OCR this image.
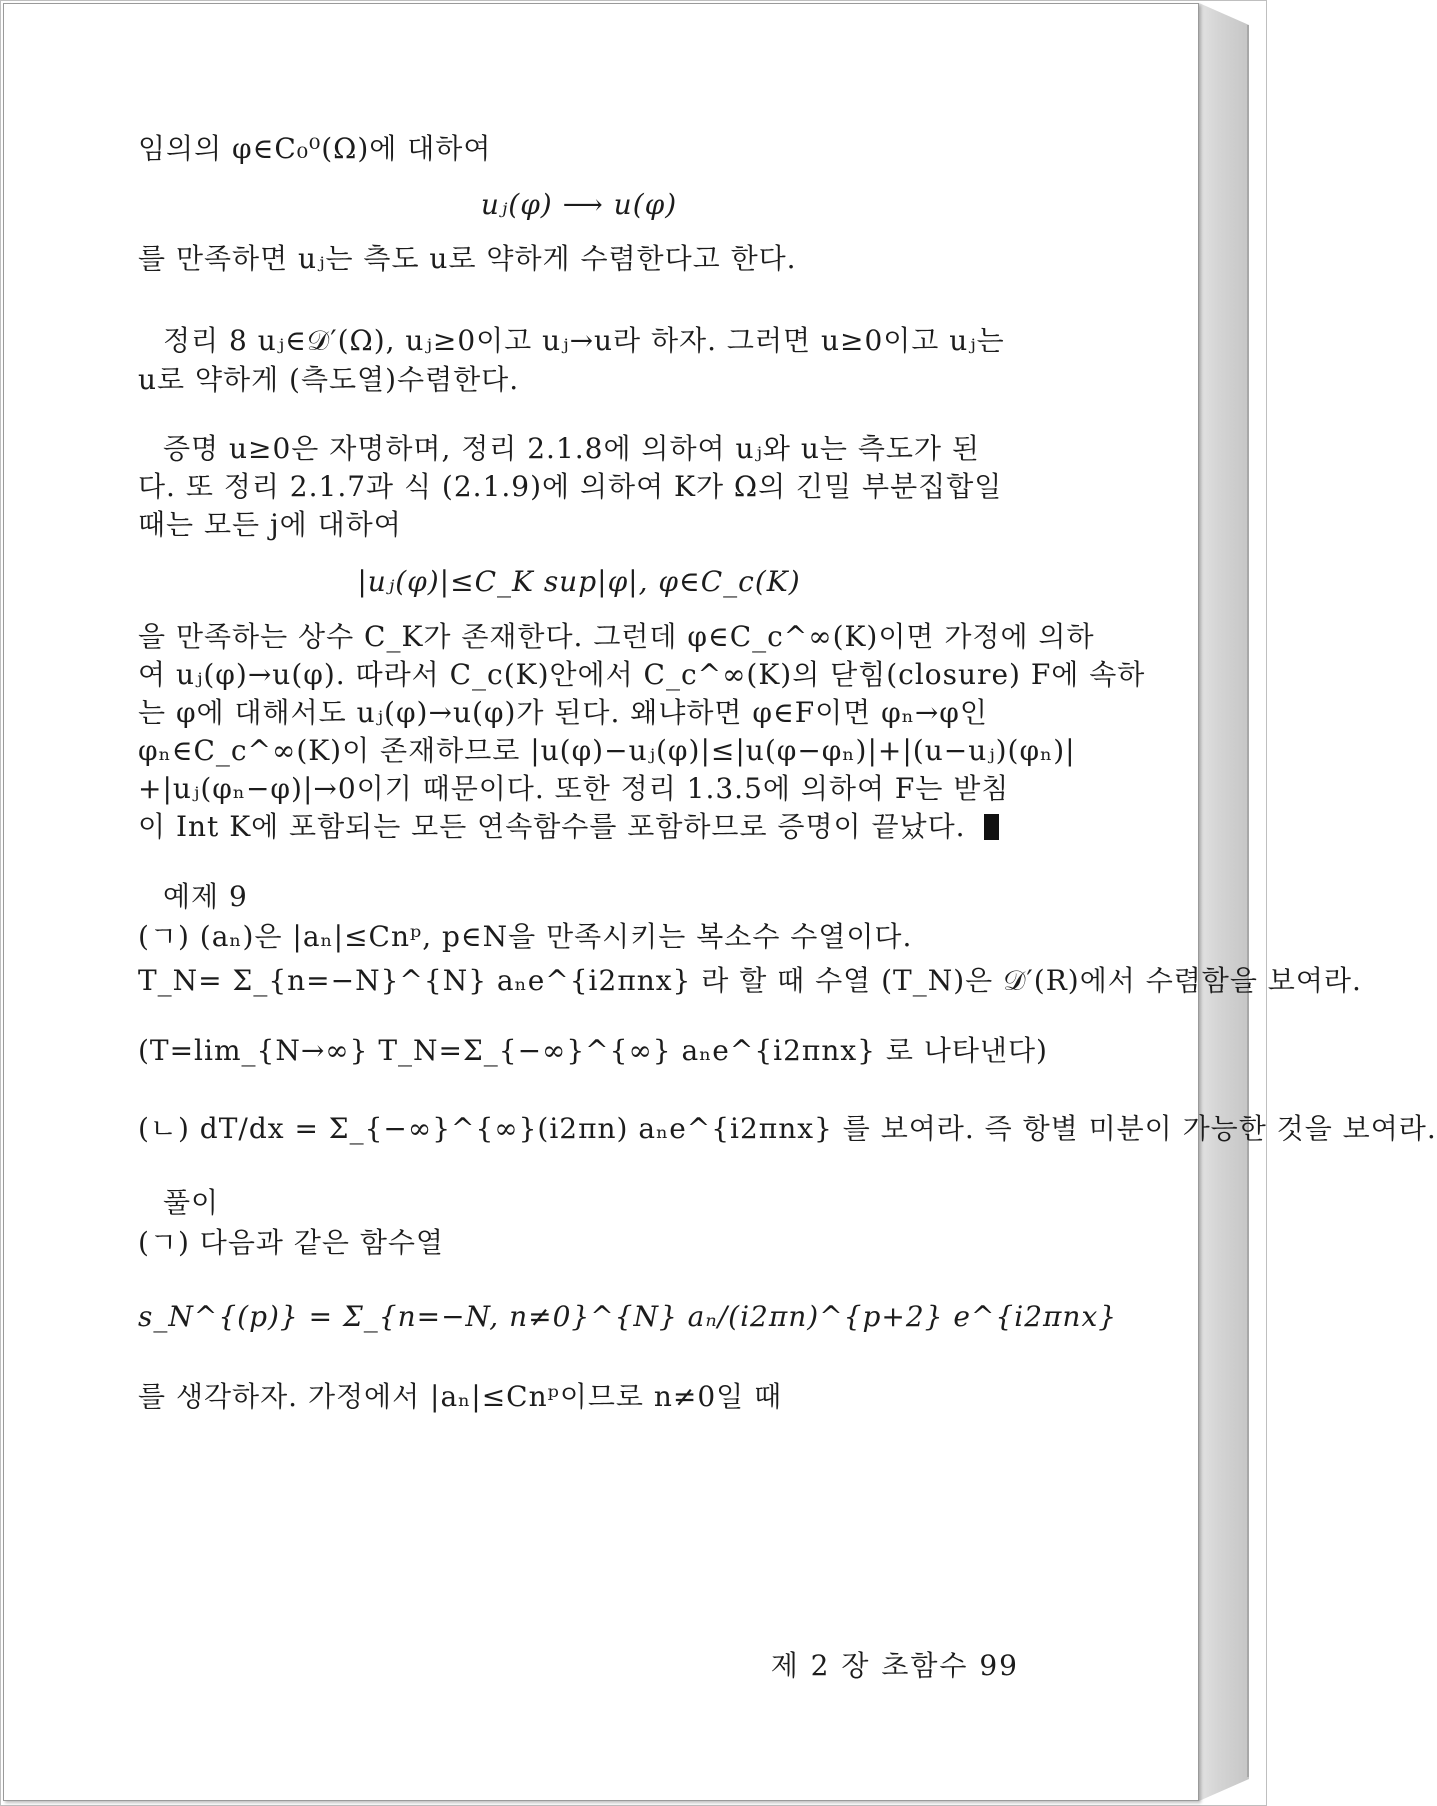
임의의 φ∈C₀⁰(Ω)에 대하여

uⱼ(φ) ⟶ u(φ)

를 만족하면 uⱼ는 측도 u로 약하게 수렴한다고 한다.

정리 8 uⱼ∈𝒟′(Ω), uⱼ≥0이고 uⱼ→u라 하자. 그러면 u≥0이고 uⱼ는

u로 약하게 (측도열)수렴한다.

증명 u≥0은 자명하며, 정리 2.1.8에 의하여 uⱼ와 u는 측도가 된

다. 또 정리 2.1.7과 식 (2.1.9)에 의하여 K가 Ω의 긴밀 부분집합일

때는 모든 j에 대하여

|uⱼ(φ)|≤C_K sup|φ|, φ∈C_c(K)

을 만족하는 상수 C_K가 존재한다. 그런데 φ∈C_c^∞(K)이면 가정에 의하

여 uⱼ(φ)→u(φ). 따라서 C_c(K)안에서 C_c^∞(K)의 닫힘(closure) F에 속하

는 φ에 대해서도 uⱼ(φ)→u(φ)가 된다. 왜냐하면 φ∈F이면 φₙ→φ인

φₙ∈C_c^∞(K)이 존재하므로 |u(φ)−uⱼ(φ)|≤|u(φ−φₙ)|+|(u−uⱼ)(φₙ)|

+|uⱼ(φₙ−φ)|→0이기 때문이다. 또한 정리 1.3.5에 의하여 F는 받침

이 Int K에 포함되는 모든 연속함수를 포함하므로 증명이 끝났다.

예제 9

(ㄱ) (aₙ)은 |aₙ|≤Cnᵖ, p∈N을 만족시키는 복소수 수열이다.

T_N= Σ_{n=−N}^{N} aₙe^{i2πnx} 라 할 때 수열 (T_N)은 𝒟′(R)에서 수렴함을 보여라.

(T=lim_{N→∞} T_N=Σ_{−∞}^{∞} aₙe^{i2πnx} 로 나타낸다)

(ㄴ) dT/dx = Σ_{−∞}^{∞}(i2πn) aₙe^{i2πnx} 를 보여라. 즉 항별 미분이 가능한 것을 보여라.

풀이

(ㄱ) 다음과 같은 함수열

s_N^{(p)} = Σ_{n=−N, n≠0}^{N} aₙ/(i2πn)^{p+2} e^{i2πnx}

를 생각하자. 가정에서 |aₙ|≤Cnᵖ이므로 n≠0일 때

제 2 장 초함수 99
